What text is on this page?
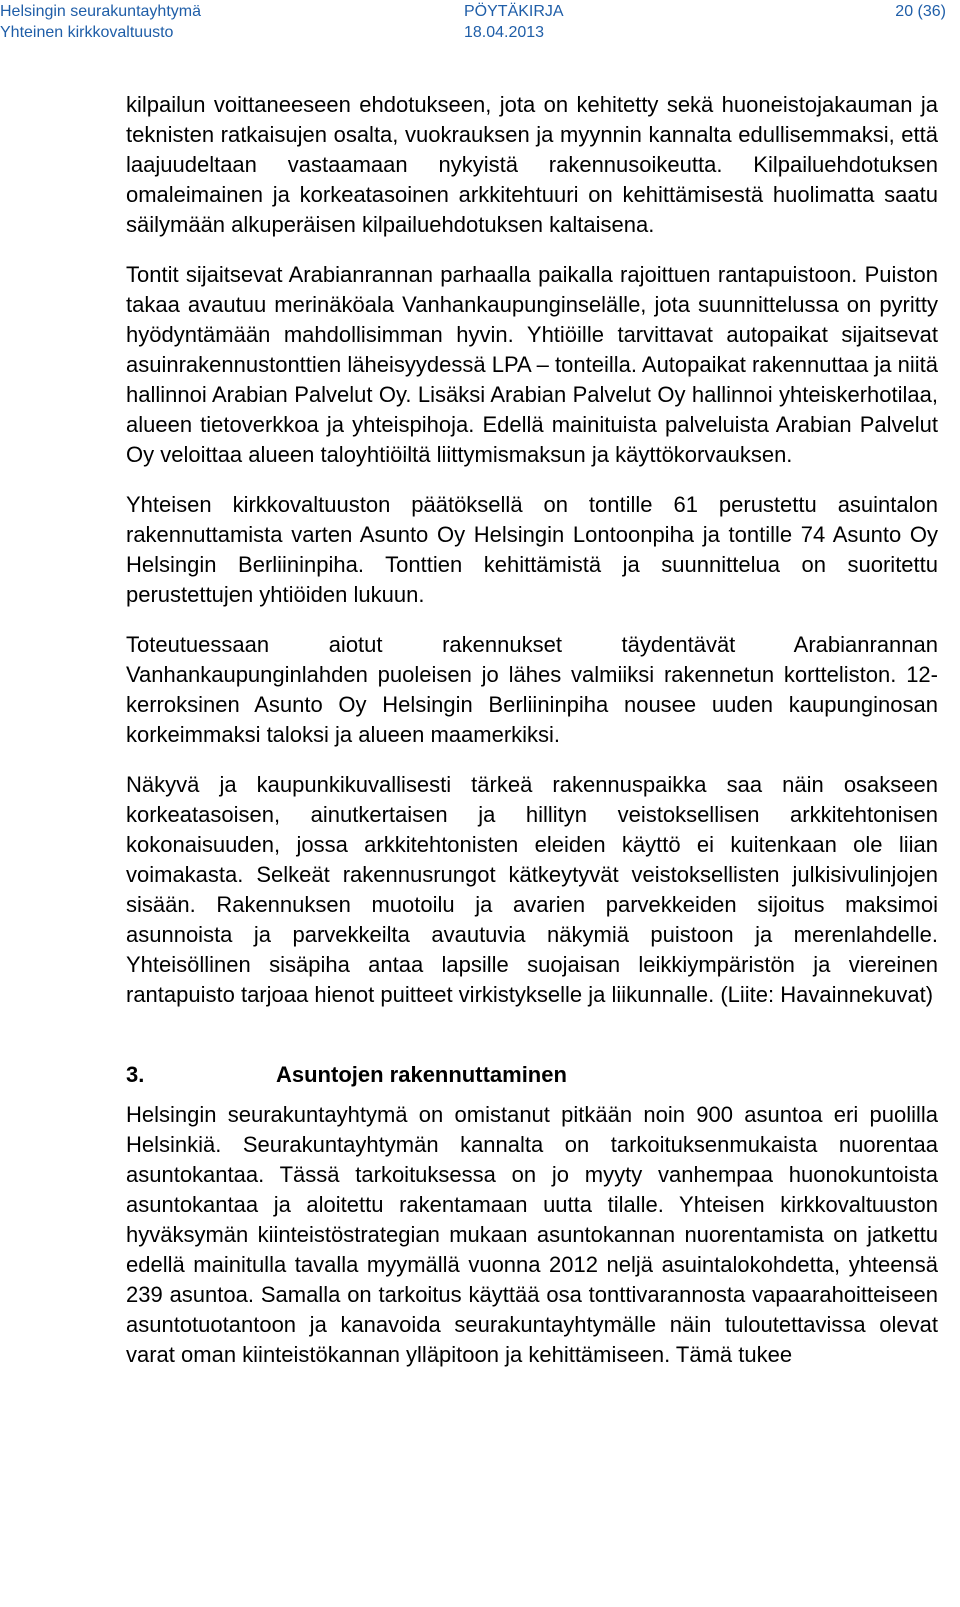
Helsingin seurakuntayhtymä
Yhteinen kirkkovaltuusto
PÖYTÄKIRJA
18.04.2013
20 (36)

kilpailun voittaneeseen ehdotukseen, jota on kehitetty sekä huoneistojakauman ja teknisten ratkaisujen osalta, vuokrauksen ja myynnin kannalta edullisemmaksi, että laajuudeltaan vastaamaan nykyistä rakennusoikeutta. Kilpailuehdotuksen omaleimainen ja korkeatasoinen arkkitehtuuri on kehittämisestä huolimatta saatu säilymään alkuperäisen kilpailuehdotuksen kaltaisena.

Tontit sijaitsevat Arabianrannan parhaalla paikalla rajoittuen rantapuistoon. Puiston takaa avautuu merinäköala Vanhankaupunginselälle, jota suunnittelussa on pyritty hyödyntämään mahdollisimman hyvin. Yhtiöille tarvittavat autopaikat sijaitsevat asuinrakennustonttien läheisyydessä LPA – tonteilla. Autopaikat rakennuttaa ja niitä hallinnoi Arabian Palvelut Oy. Lisäksi Arabian Palvelut Oy hallinnoi yhteiskerhotilaa, alueen tietoverkkoa ja yhteispihoja. Edellä mainituista palveluista Arabian Palvelut Oy veloittaa alueen taloyhtiöiltä liittymismaksun ja käyttökorvauksen.

Yhteisen kirkkovaltuuston päätöksellä on tontille 61 perustettu asuintalon rakennuttamista varten Asunto Oy Helsingin Lontoonpiha ja tontille 74 Asunto Oy Helsingin Berliininpiha. Tonttien kehittämistä ja suunnittelua on suoritettu perustettujen yhtiöiden lukuun.

Toteutuessaan aiotut rakennukset täydentävät Arabianrannan Vanhankaupunginlahden puoleisen jo lähes valmiiksi rakennetun kortteliston. 12-kerroksinen Asunto Oy Helsingin Berliininpiha nousee uuden kaupunginosan korkeimmaksi taloksi ja alueen maamerkiksi.

Näkyvä ja kaupunkikuvallisesti tärkeä rakennuspaikka saa näin osakseen korkeatasoisen, ainutkertaisen ja hillityn veistoksellisen arkkitehtonisen kokonaisuuden, jossa arkkitehtonisten eleiden käyttö ei kuitenkaan ole liian voimakasta. Selkeät rakennusrungot kätkeytyvät veistoksellisten julkisivulinjojen sisään. Rakennuksen muotoilu ja avarien parvekkeiden sijoitus maksimoi asunnoista ja parvekkeilta avautuvia näkymiä puistoon ja merenlahdelle. Yhteisöllinen sisäpiha antaa lapsille suojaisan leikkiympäristön ja viereinen rantapuisto tarjoaa hienot puitteet virkistykselle ja liikunnalle. (Liite: Havainnekuvat)

3.	Asuntojen rakennuttaminen

Helsingin seurakuntayhtymä on omistanut pitkään noin 900 asuntoa eri puolilla Helsinkiä. Seurakuntayhtymän kannalta on tarkoituksenmukaista nuorentaa asuntokantaa. Tässä tarkoituksessa on jo myyty vanhempaa huonokuntoista asuntokantaa ja aloitettu rakentamaan uutta tilalle. Yhteisen kirkkovaltuuston hyväksymän kiinteistöstrategian mukaan asuntokannan nuorentamista on jatkettu edellä mainitulla tavalla myymällä vuonna 2012 neljä asuintalokohdetta, yhteensä 239 asuntoa. Samalla on tarkoitus käyttää osa tonttivarannosta vapaarahoitteiseen asuntotuotantoon ja kanavoida seurakuntayhtymälle näin tuloutettavissa olevat varat oman kiinteistökannan ylläpitoon ja kehittämiseen. Tämä tukee
